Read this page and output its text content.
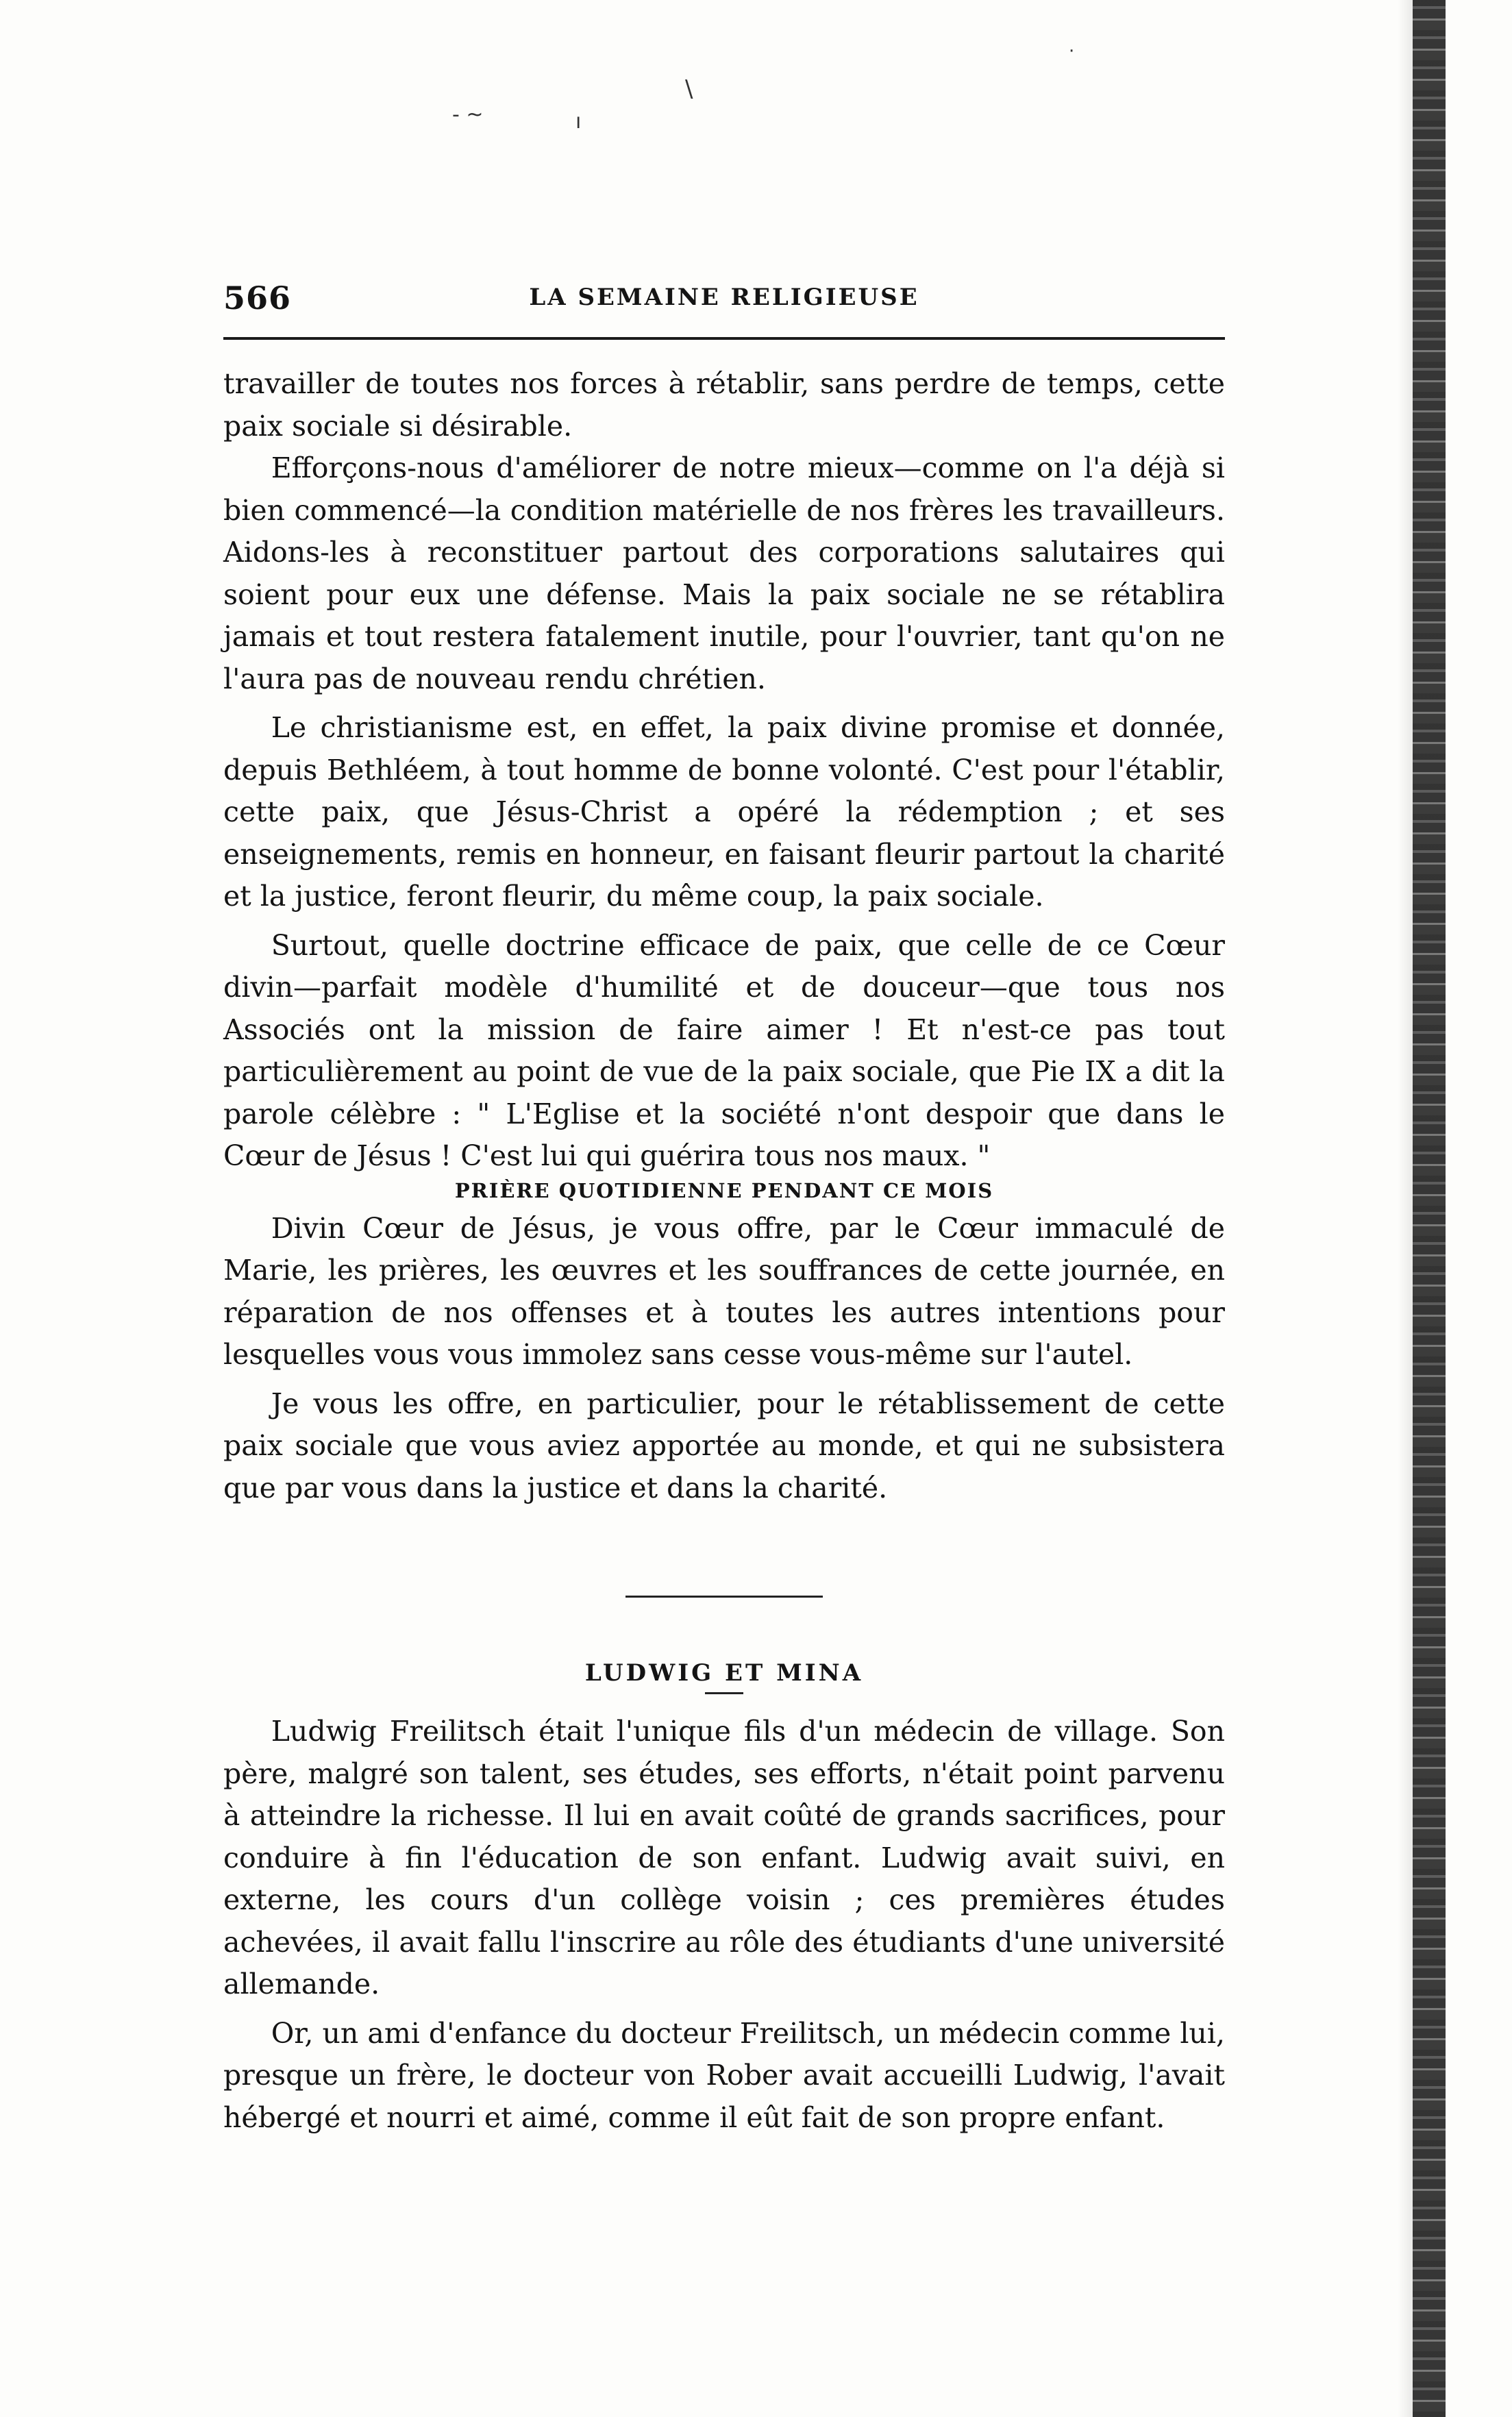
- ~	ı
\
·
566	LA SEMAINE RELIGIEUSE

travailler de toutes nos forces à rétablir, sans perdre de temps, cette paix sociale si désirable.

Efforçons-nous d'améliorer de notre mieux—comme on l'a déjà si bien commencé—la condition matérielle de nos frères les travailleurs. Aidons-les à reconstituer partout des corporations salutaires qui soient pour eux une défense. Mais la paix sociale ne se rétablira jamais et tout restera fatalement inutile, pour l'ouvrier, tant qu'on ne l'aura pas de nouveau rendu chrétien.

Le christianisme est, en effet, la paix divine promise et donnée, depuis Bethléem, à tout homme de bonne volonté. C'est pour l'établir, cette paix, que Jésus-Christ a opéré la rédemption ; et ses enseignements, remis en honneur, en faisant fleurir partout la charité et la justice, feront fleurir, du même coup, la paix sociale.

Surtout, quelle doctrine efficace de paix, que celle de ce Cœur divin—parfait modèle d'humilité et de douceur—que tous nos Associés ont la mission de faire aimer ! Et n'est-ce pas tout particulièrement au point de vue de la paix sociale, que Pie IX a dit la parole célèbre : " L'Eglise et la société n'ont despoir que dans le Cœur de Jésus ! C'est lui qui guérira tous nos maux. "

PRIÈRE QUOTIDIENNE PENDANT CE MOIS

Divin Cœur de Jésus, je vous offre, par le Cœur immaculé de Marie, les prières, les œuvres et les souffrances de cette journée, en réparation de nos offenses et à toutes les autres intentions pour lesquelles vous vous immolez sans cesse vous-même sur l'autel.

Je vous les offre, en particulier, pour le rétablissement de cette paix sociale que vous aviez apportée au monde, et qui ne subsistera que par vous dans la justice et dans la charité.

LUDWIG ET MINA

Ludwig Freilitsch était l'unique fils d'un médecin de village. Son père, malgré son talent, ses études, ses efforts, n'était point parvenu à atteindre la richesse. Il lui en avait coûté de grands sacrifices, pour conduire à fin l'éducation de son enfant. Ludwig avait suivi, en externe, les cours d'un collège voisin ; ces premières études achevées, il avait fallu l'inscrire au rôle des étudiants d'une université allemande.

Or, un ami d'enfance du docteur Freilitsch, un médecin comme lui, presque un frère, le docteur von Rober avait accueilli Ludwig, l'avait hébergé et nourri et aimé, comme il eût fait de son propre enfant.
